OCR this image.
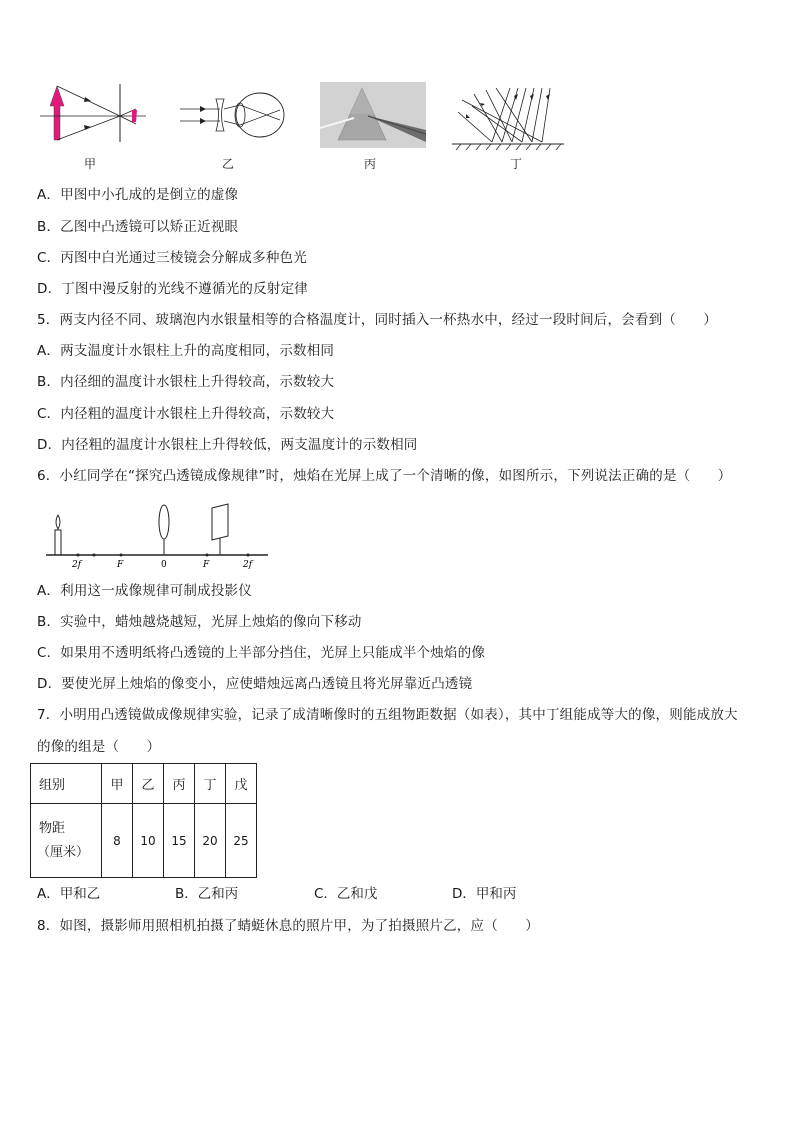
甲	乙	丙	丁
A．甲图中小孔成的是倒立的虚像
B．乙图中凸透镜可以矫正近视眼
C．丙图中白光通过三棱镜会分解成多种色光
D．丁图中漫反射的光线不遵循光的反射定律
5．两支内径不同、玻璃泡内水银量相等的合格温度计，同时插入一杯热水中，经过一段时间后，会看到（　　）
A．两支温度计水银柱上升的高度相同，示数相同
B．内径细的温度计水银柱上升得较高，示数较大
C．内径粗的温度计水银柱上升得较高，示数较大
D．内径粗的温度计水银柱上升得较低，两支温度计的示数相同
6．小红同学在“探究凸透镜成像规律”时，烛焰在光屏上成了一个清晰的像，如图所示，下列说法正确的是（　　）
2f	F	0	F	2f
A．利用这一成像规律可制成投影仪
B．实验中，蜡烛越烧越短，光屏上烛焰的像向下移动
C．如果用不透明纸将凸透镜的上半部分挡住，光屏上只能成半个烛焰的像
D．要使光屏上烛焰的像变小，应使蜡烛远离凸透镜且将光屏靠近凸透镜
7．小明用凸透镜做成像规律实验，记录了成清晰像时的五组物距数据（如表），其中丁组能成等大的像，则能成放大
的像的组是（　　）
组别	甲	乙	丙	丁	戊

物距
（厘米）	8	10	15	20	25
A．甲和乙	B．乙和丙	C．乙和戊	D．甲和丙
8．如图，摄影师用照相机拍摄了蜻蜓休息的照片甲，为了拍摄照片乙，应（　　）
